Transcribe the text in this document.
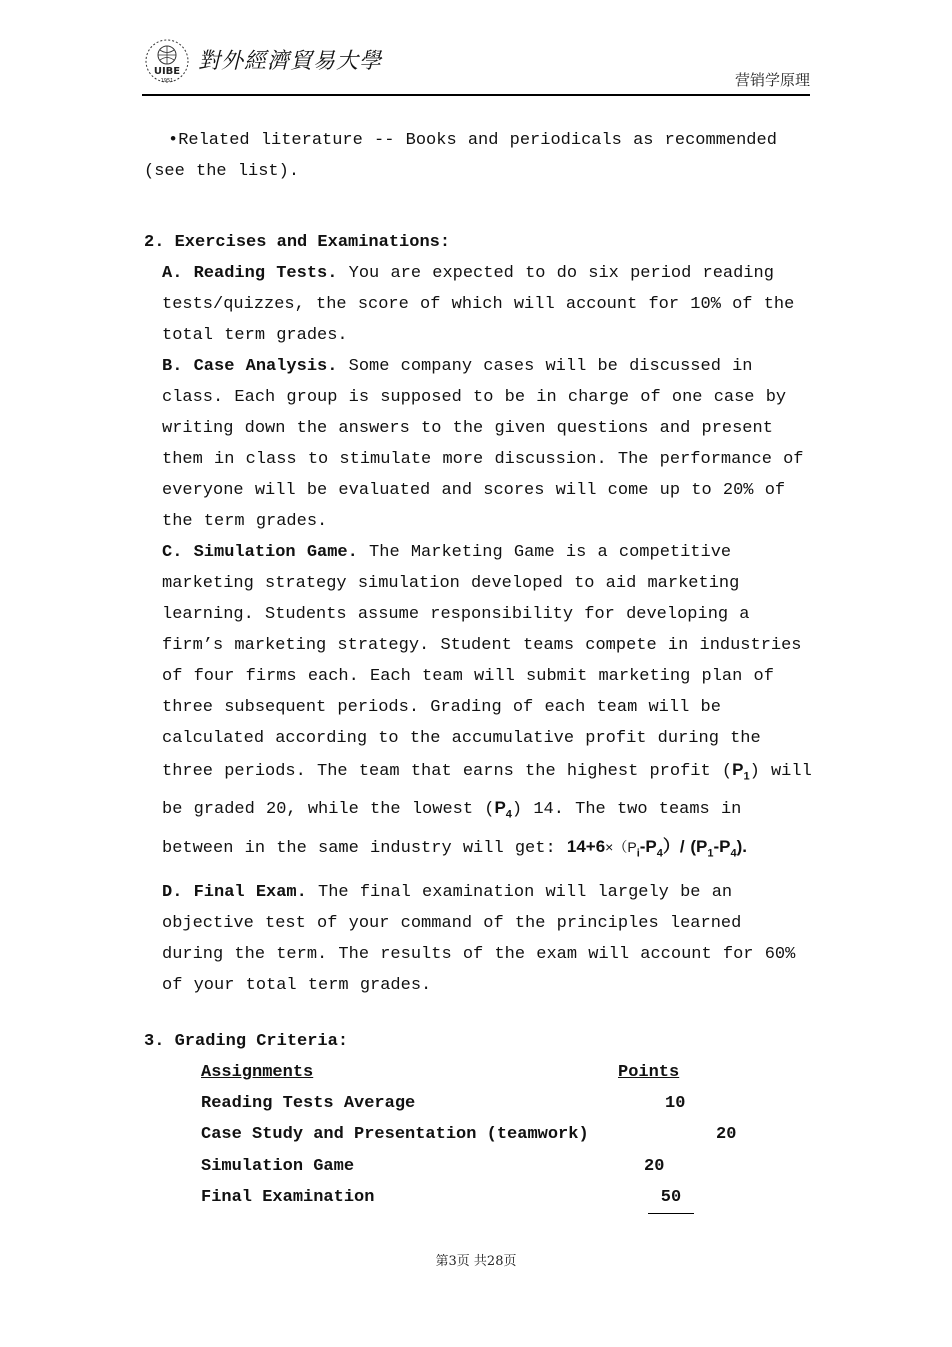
UIBE
1951
對外經濟貿易大學
营销学原理

•Related literature -- Books and periodicals as recommended (see the list).

2. Exercises and Examinations:

A. Reading Tests. You are expected to do six period reading tests/quizzes, the score of which will account for 10% of the total term grades.

B. Case Analysis. Some company cases will be discussed in class. Each group is supposed to be in charge of one case by writing down the answers to the given questions and present them in class to stimulate more discussion. The performance of everyone will be evaluated and scores will come up to 20% of the term grades.

C. Simulation Game. The Marketing Game is a competitive marketing strategy simulation developed to aid marketing learning. Students assume responsibility for developing a firm’s marketing strategy. Student teams compete in industries of four firms each. Each team will submit marketing plan of three subsequent periods. Grading of each team will be calculated according to the accumulative profit during the three periods. The team that earns the highest profit $(P_1)$ will be graded 20, while the lowest $(P_4)$ 14. The two teams in between in the same industry will get: $14+6\times(P_i-P_4)/$ $(P_1-P_4)$.

D. Final Exam. The final examination will largely be an objective test of your command of the principles learned during the term. The results of the exam will account for 60% of your total term grades.

3. Grading Criteria:

Assignments	Points
Reading Tests Average	10
Case Study and Presentation (teamwork)	20
Simulation Game	20
Final Examination	50
第3页 共28页
